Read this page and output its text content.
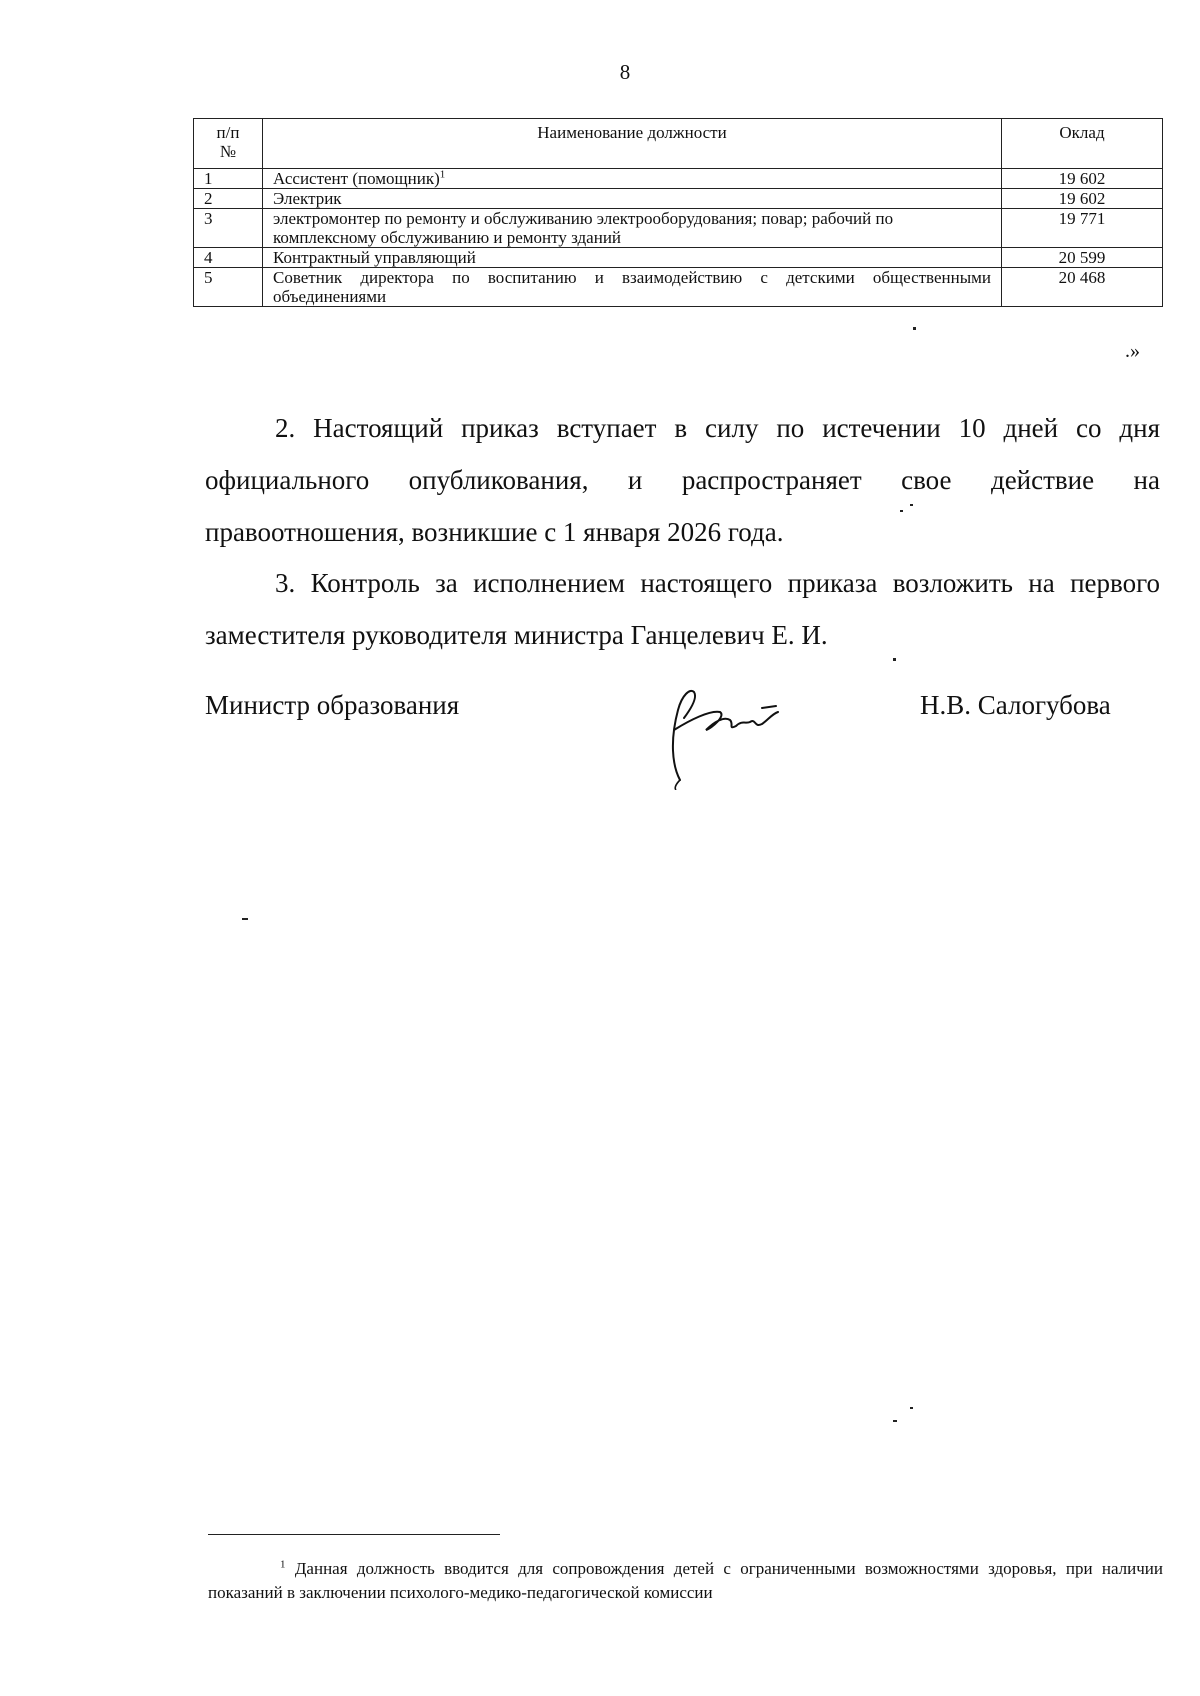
8
п/п
№	Наименование должности	Оклад
1	Ассистент (помощник)$^1$	19 602
2	Электрик	19 602
3	электромонтер по ремонту и обслуживанию электрооборудования; повар; рабочий по комплексному обслуживанию и ремонту зданий	19 771
4	Контрактный управляющий	20 599
5	Советник директора по воспитанию и взаимодействию с детскими общественными объединениями	20 468
.»

2. Настоящий приказ вступает в силу по истечении 10 дней со дня официального опубликования, и распространяет свое действие на правоотношения, возникшие с 1 января 2026 года.

3. Контроль за исполнением настоящего приказа возложить на первого заместителя руководителя министра Ганцелевич Е. И.

Министр образования	Н.В. Салогубова

$^1$ Данная должность вводится для сопровождения детей с ограниченными возможностями здоровья, при наличии показаний в заключении психолого-медико-педагогической комиссии
